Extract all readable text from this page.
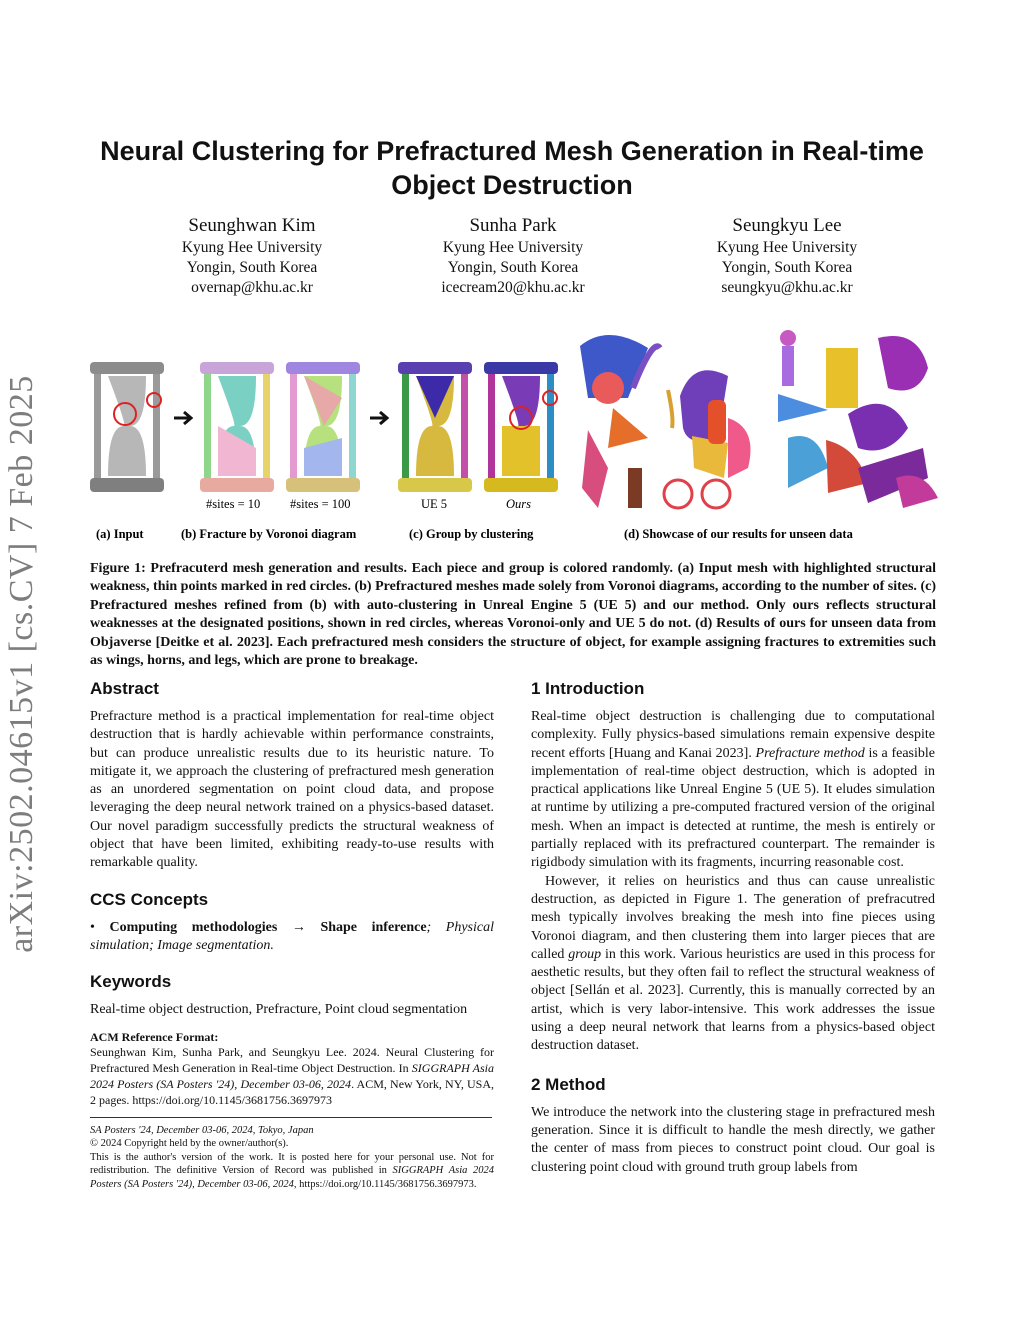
arXiv:2502.04615v1 [cs.CV] 7 Feb 2025
Neural Clustering for Prefractured Mesh Generation in Real-time Object Destruction
Seunghwan Kim
Kyung Hee University
Yongin, South Korea
overnap@khu.ac.kr
Sunha Park
Kyung Hee University
Yongin, South Korea
icecream20@khu.ac.kr
Seungkyu Lee
Kyung Hee University
Yongin, South Korea
seungkyu@khu.ac.kr
#sites = 10 #sites = 100	UE 5	Ours
(a) Input	(b) Fracture by Voronoi diagram	(c) Group by clustering	(d) Showcase of our results for unseen data
Figure 1: Prefracuterd mesh generation and results. Each piece and group is colored randomly. (a) Input mesh with highlighted structural weakness, thin points marked in red circles. (b) Prefractured meshes made solely from Voronoi diagrams, according to the number of sites. (c) Prefractured meshes refined from (b) with auto-clustering in Unreal Engine 5 (UE 5) and our method. Only ours reflects structural weaknesses at the designated positions, shown in red circles, whereas Voronoi-only and UE 5 do not. (d) Results of ours for unseen data from Objaverse [Deitke et al. 2023]. Each prefractured mesh considers the structure of object, for example assigning fractures to extremities such as wings, horns, and legs, which are prone to breakage.
Abstract

Prefracture method is a practical implementation for real-time object destruction that is hardly achievable within performance constraints, but can produce unrealistic results due to its heuristic nature. To mitigate it, we approach the clustering of prefractured mesh generation as an unordered segmentation on point cloud data, and propose leveraging the deep neural network trained on a physics-based dataset. Our novel paradigm successfully predicts the structural weakness of object that have been limited, exhibiting ready-to-use results with remarkable quality.

CCS Concepts

• Computing methodologies → Shape inference; Physical simulation; Image segmentation.

Keywords

Real-time object destruction, Prefracture, Point cloud segmentation

ACM Reference Format:

Seunghwan Kim, Sunha Park, and Seungkyu Lee. 2024. Neural Clustering for Prefractured Mesh Generation in Real-time Object Destruction. In SIGGRAPH Asia 2024 Posters (SA Posters '24), December 03-06, 2024. ACM, New York, NY, USA, 2 pages. https://doi.org/10.1145/3681756.3697973

SA Posters '24, December 03-06, 2024, Tokyo, Japan
© 2024 Copyright held by the owner/author(s).
This is the author's version of the work. It is posted here for your personal use. Not for redistribution. The definitive Version of Record was published in SIGGRAPH Asia 2024 Posters (SA Posters '24), December 03-06, 2024, https://doi.org/10.1145/3681756.3697973.
1 Introduction

Real-time object destruction is challenging due to computational complexity. Fully physics-based simulations remain expensive despite recent efforts [Huang and Kanai 2023]. Prefracture method is a feasible implementation of real-time object destruction, which is adopted in practical applications like Unreal Engine 5 (UE 5). It eludes simulation at runtime by utilizing a pre-computed fractured version of the original mesh. When an impact is detected at runtime, the mesh is entirely or partially replaced with its prefractured counterpart. The remainder is rigidbody simulation with its fragments, incurring reasonable cost.

However, it relies on heuristics and thus can cause unrealistic destruction, as depicted in Figure 1. The generation of prefracutred mesh typically involves breaking the mesh into fine pieces using Voronoi diagram, and then clustering them into larger pieces that are called group in this work. Various heuristics are used in this process for aesthetic results, but they often fail to reflect the structural weakness of object [Sellán et al. 2023]. Currently, this is manually corrected by an artist, which is very labor-intensive. This work addresses the issue using a deep neural network that learns from a physics-based object destruction dataset.

2 Method

We introduce the network into the clustering stage in prefractured mesh generation. Since it is difficult to handle the mesh directly, we gather the center of mass from pieces to construct point cloud. Our goal is clustering point cloud with ground truth group labels from
